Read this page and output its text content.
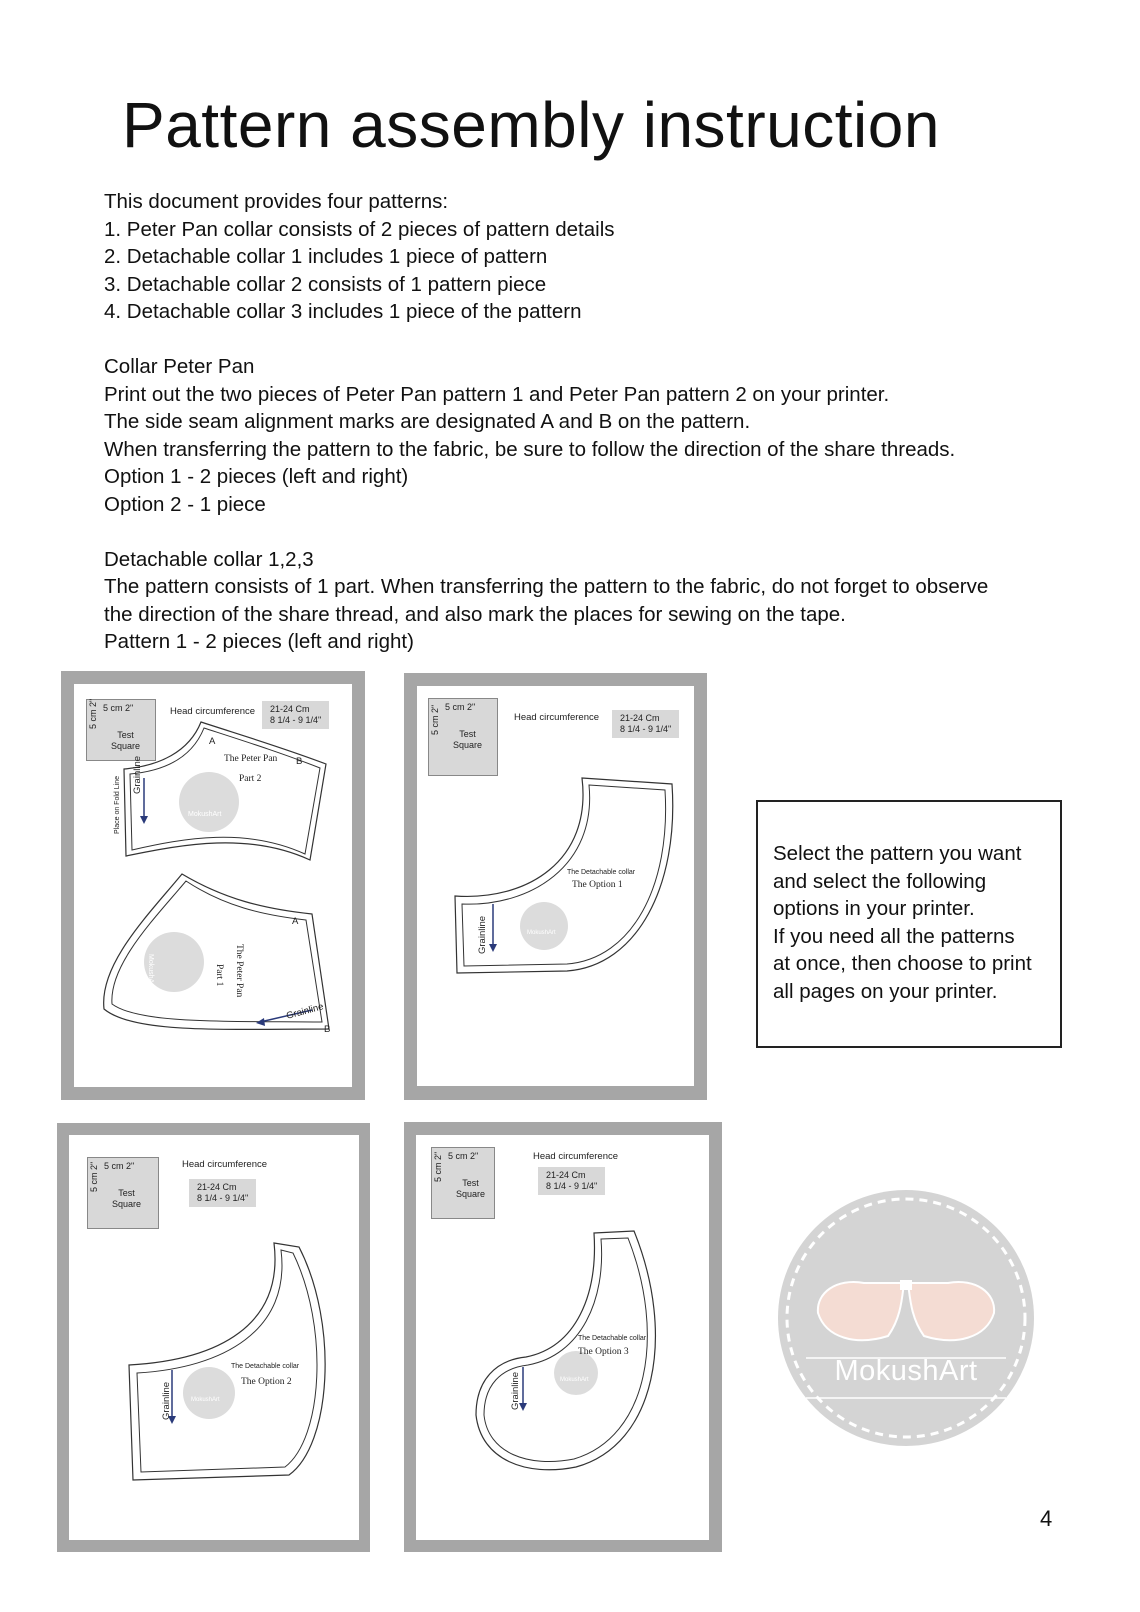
Pattern assembly instruction
This document provides four patterns:
1. Peter Pan collar consists of 2 pieces of pattern details
2. Detachable collar 1 includes 1 piece of pattern
3. Detachable collar 2 consists of 1 pattern piece
4. Detachable collar 3 includes 1 piece of the pattern
Collar Peter Pan
Print out the two pieces of Peter Pan pattern 1 and Peter Pan pattern 2 on your printer.
The side seam alignment marks are designated A and B on the pattern.
When transferring the pattern to the fabric, be sure to follow the direction of the share threads.
Option 1 - 2 pieces (left and right)
Option 2 - 1 piece
Detachable collar 1,2,3
The pattern consists of 1 part. When transferring the pattern to the fabric, do not forget to observe
the direction of the share thread, and also mark the places for sewing on the tape.
Pattern 1 - 2 pieces (left and right)
5 cm 2"
5 cm 2"
Test
Square
Head circumference	21-24 Cm
8 1/4 - 9 1/4"
The Peter Pan
Part 2
A
B
Grainline
Place on Fold Line	MokushArt
The Peter Pan
Part 1
MokushArt
Grainline
A
B
5 cm 2"
5 cm 2"	Test
Square
Head circumference	21-24 Cm
8 1/4 - 9 1/4"
The Detachable collar
The Option 1
Grainline	MokushArt
5 cm 2"
5 cm 2"
Test
Square
Head circumference
21-24 Cm
8 1/4 - 9 1/4"
The Detachable collar
The Option 2
Grainline	MokushArt
5 cm 2"
5 cm 2"
Test
Square
Head circumference
21-24 Cm
8 1/4 - 9 1/4"
The Detachable collar
The Option 3
Grainline	MokushArt

Select the pattern you want
and select the following
options in your printer.
If you need all the patterns
at once, then choose to print
all pages on your printer.

MokushArt
4
